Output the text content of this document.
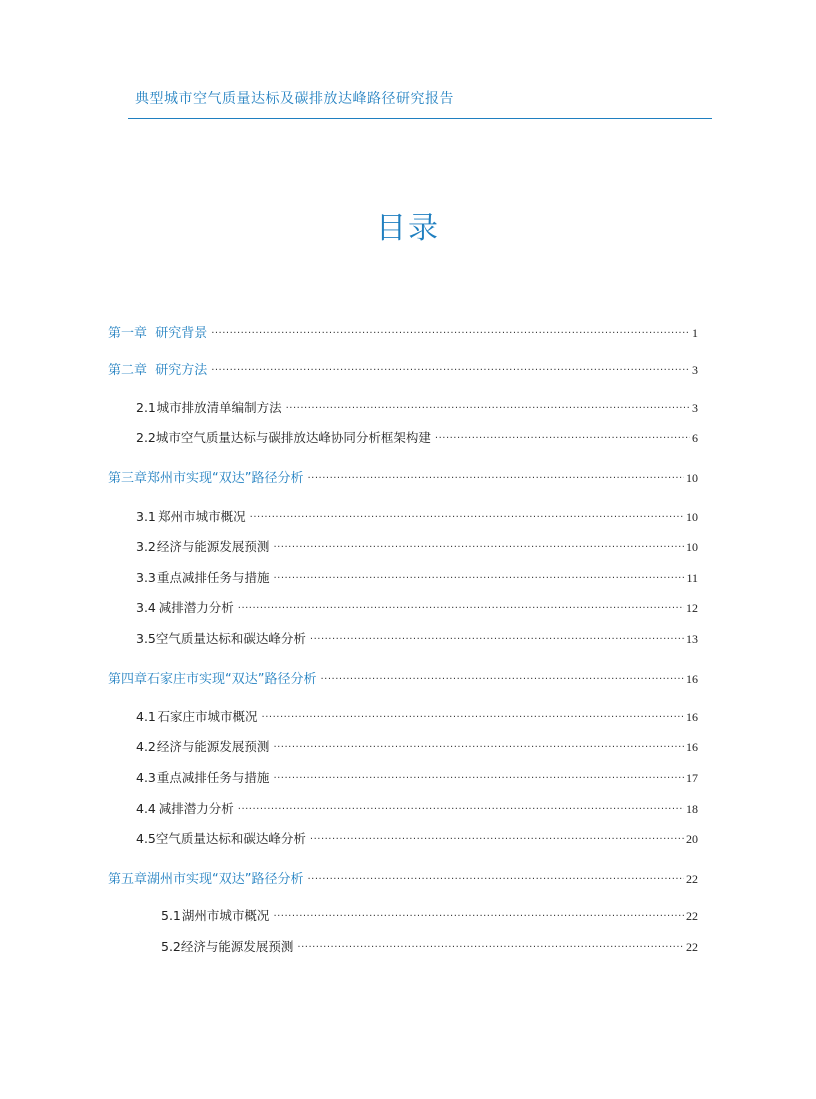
典型城市空气质量达标及碳排放达峰路径研究报告
目录
第一章 研究背景 ·····	1
第二章 研究方法 ·····	3
2.1 城市排放清单编制方法 ·····	3
2.2 城市空气质量达标与碳排放达峰协同分析框架构建 ·····	6
第三章 郑州市实现“双达”路径分析 ·····	10
3.1 郑州市城市概况 ·····	10
3.2 经济与能源发展预测 ·····	10
3.3 重点减排任务与措施 ·····	11
3.4 减排潜力分析 ·····	12
3.5 空气质量达标和碳达峰分析 ·····	13
第四章 石家庄市实现“双达”路径分析 ·····	16
4.1 石家庄市城市概况 ·····	16
4.2 经济与能源发展预测 ·····	16
4.3 重点减排任务与措施 ·····	17
4.4 减排潜力分析 ·····	18
4.5 空气质量达标和碳达峰分析 ·····	20
第五章 湖州市实现“双达”路径分析 ·····	22
5.1 湖州市城市概况 ·····	22
5.2 经济与能源发展预测 ·····	22
